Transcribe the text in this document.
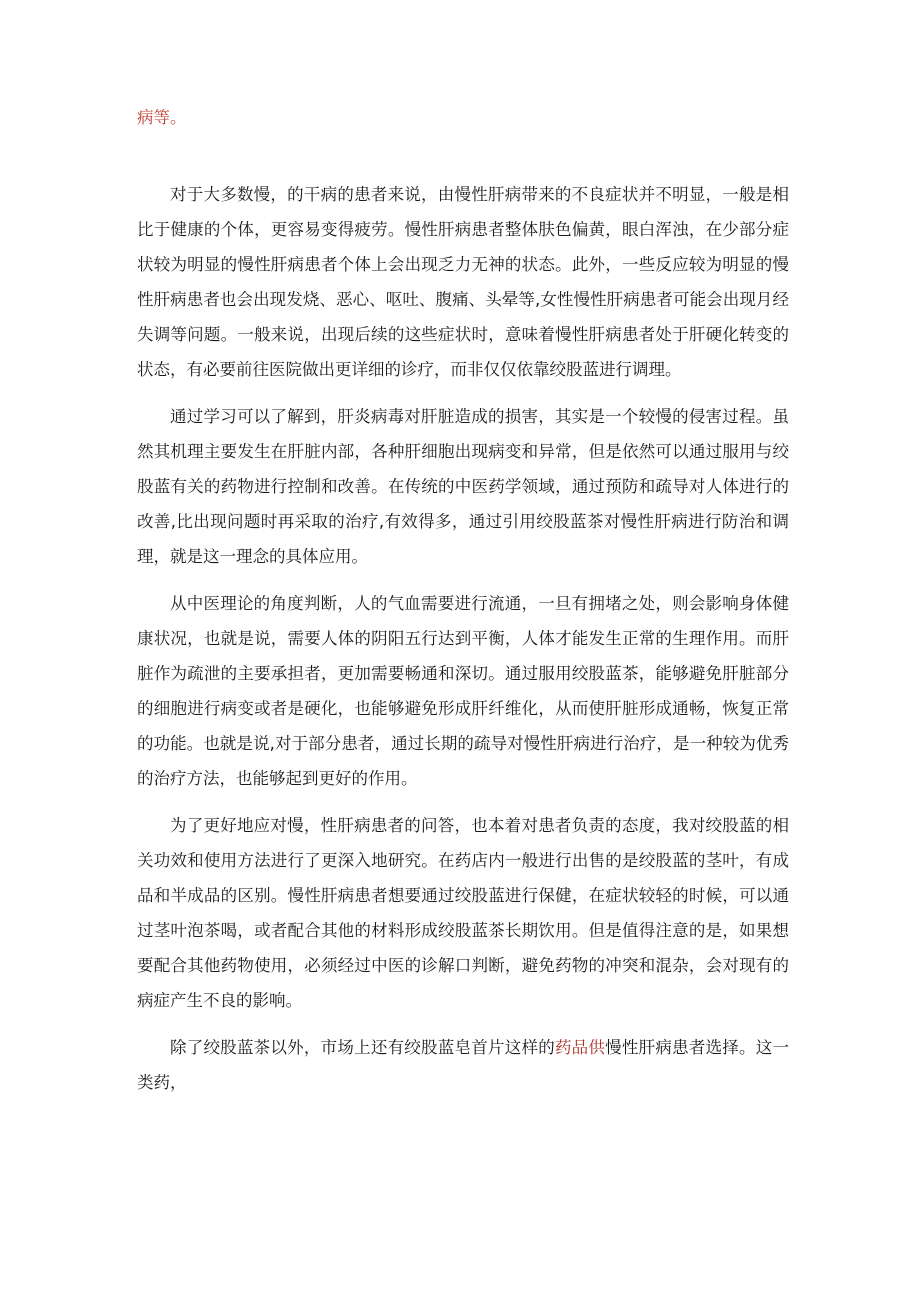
病等。

对于大多数慢，的干病的患者来说，由慢性肝病带来的不良症状并不明显，一般是相比于健康的个体，更容易变得疲劳。慢性肝病患者整体肤色偏黄，眼白浑浊，在少部分症状较为明显的慢性肝病患者个体上会出现乏力无神的状态。此外，一些反应较为明显的慢性肝病患者也会出现发烧、恶心、呕吐、腹痛、头晕等,女性慢性肝病患者可能会出现月经失调等问题。一般来说，出现后续的这些症状时，意味着慢性肝病患者处于肝硬化转变的状态，有必要前往医院做出更详细的诊疗，而非仅仅依靠绞股蓝进行调理。

通过学习可以了解到，肝炎病毒对肝脏造成的损害，其实是一个较慢的侵害过程。虽然其机理主要发生在肝脏内部，各种肝细胞出现病变和异常，但是依然可以通过服用与绞股蓝有关的药物进行控制和改善。在传统的中医药学领域，通过预防和疏导对人体进行的改善,比出现问题时再采取的治疗,有效得多，通过引用绞股蓝茶对慢性肝病进行防治和调理，就是这一理念的具体应用。

从中医理论的角度判断，人的气血需要进行流通，一旦有拥堵之处，则会影响身体健康状况，也就是说，需要人体的阴阳五行达到平衡，人体才能发生正常的生理作用。而肝脏作为疏泄的主要承担者，更加需要畅通和深切。通过服用绞股蓝茶，能够避免肝脏部分的细胞进行病变或者是硬化，也能够避免形成肝纤维化，从而使肝脏形成通畅，恢复正常的功能。也就是说,对于部分患者，通过长期的疏导对慢性肝病进行治疗，是一种较为优秀的治疗方法，也能够起到更好的作用。

为了更好地应对慢，性肝病患者的问答，也本着对患者负责的态度，我对绞股蓝的相关功效和使用方法进行了更深入地研究。在药店内一般进行出售的是绞股蓝的茎叶，有成品和半成品的区别。慢性肝病患者想要通过绞股蓝进行保健，在症状较轻的时候，可以通过茎叶泡茶喝，或者配合其他的材料形成绞股蓝茶长期饮用。但是值得注意的是，如果想要配合其他药物使用，必须经过中医的诊解口判断，避免药物的冲突和混杂，会对现有的病症产生不良的影响。

除了绞股蓝茶以外，市场上还有绞股蓝皂首片这样的药品供慢性肝病患者选择。这一类药，
